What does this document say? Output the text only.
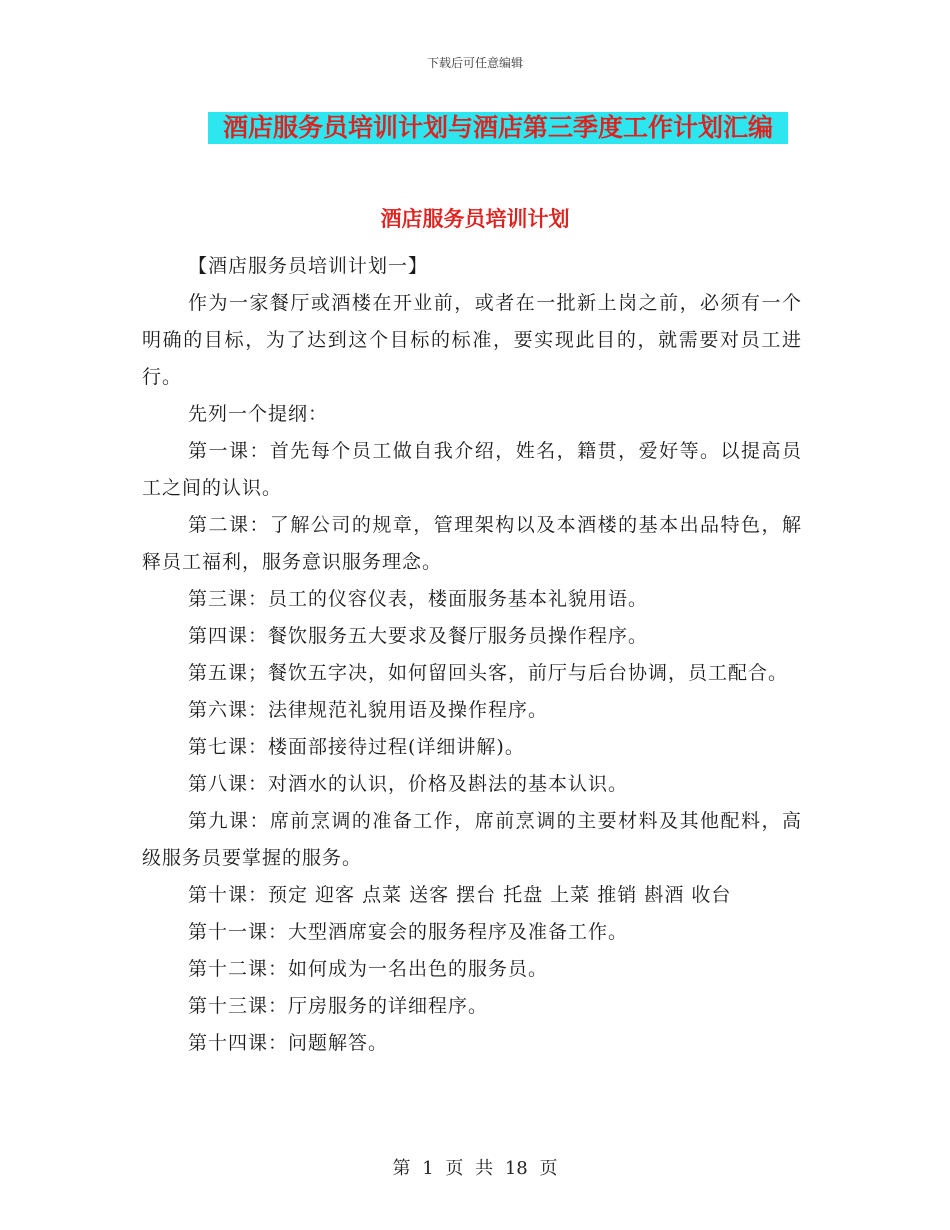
下载后可任意编辑
酒店服务员培训计划与酒店第三季度工作计划汇编
酒店服务员培训计划

【酒店服务员培训计划一】

作为一家餐厅或酒楼在开业前，或者在一批新上岗之前，必须有一个明确的目标，为了达到这个目标的标准，要实现此目的，就需要对员工进行。

先列一个提纲：

第一课：首先每个员工做自我介绍，姓名，籍贯，爱好等。以提高员工之间的认识。

第二课：了解公司的规章，管理架构以及本酒楼的基本出品特色，解释员工福利，服务意识服务理念。

第三课：员工的仪容仪表，楼面服务基本礼貌用语。

第四课：餐饮服务五大要求及餐厅服务员操作程序。

第五课；餐饮五字决，如何留回头客，前厅与后台协调，员工配合。

第六课：法律规范礼貌用语及操作程序。

第七课：楼面部接待过程(详细讲解)。

第八课：对酒水的认识，价格及斟法的基本认识。

第九课：席前烹调的准备工作，席前烹调的主要材料及其他配料，高级服务员要掌握的服务。

第十课：预定 迎客 点菜 送客 摆台 托盘 上菜 推销 斟酒 收台

第十一课：大型酒席宴会的服务程序及准备工作。

第十二课：如何成为一名出色的服务员。

第十三课：厅房服务的详细程序。

第十四课：问题解答。

第 1 页 共 18 页
